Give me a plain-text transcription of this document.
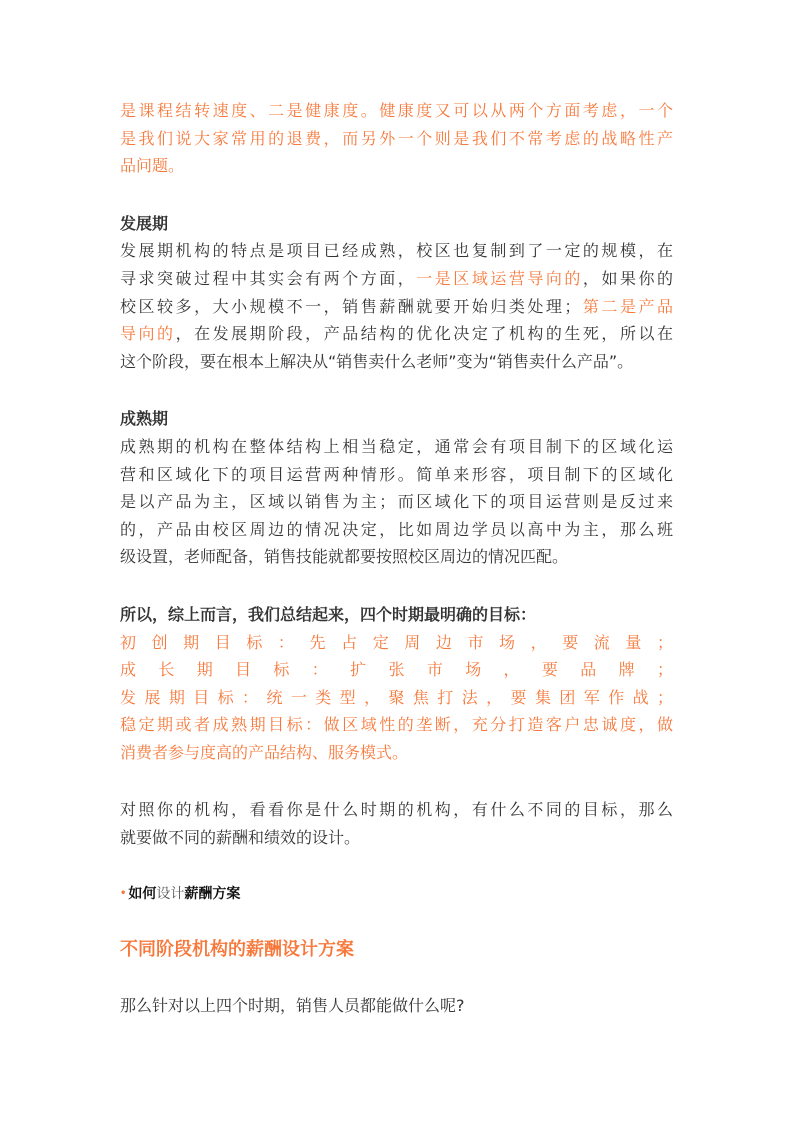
是课程结转速度、二是健康度。健康度又可以从两个方面考虑，一个
是我们说大家常用的退费，而另外一个则是我们不常考虑的战略性产
品问题。
发展期
发展期机构的特点是项目已经成熟，校区也复制到了一定的规模，在
寻求突破过程中其实会有两个方面，一是区域运营导向的，如果你的
校区较多，大小规模不一，销售薪酬就要开始归类处理；第二是产品
导向的，在发展期阶段，产品结构的优化决定了机构的生死，所以在
这个阶段，要在根本上解决从“销售卖什么老师”变为“销售卖什么产品”。
成熟期
成熟期的机构在整体结构上相当稳定，通常会有项目制下的区域化运
营和区域化下的项目运营两种情形。简单来形容，项目制下的区域化
是以产品为主，区域以销售为主；而区域化下的项目运营则是反过来
的，产品由校区周边的情况决定，比如周边学员以高中为主，那么班
级设置，老师配备，销售技能就都要按照校区周边的情况匹配。
所以，综上而言，我们总结起来，四个时期最明确的目标：
初创期目标：先占定周边市场，要流量；
成长期目标：扩张市场，要品牌；
发展期目标：统一类型，聚焦打法，要集团军作战；
稳定期或者成熟期目标：做区域性的垄断，充分打造客户忠诚度，做
消费者参与度高的产品结构、服务模式。
对照你的机构，看看你是什么时期的机构，有什么不同的目标，那么
就要做不同的薪酬和绩效的设计。
• 如何设计薪酬方案
不同阶段机构的薪酬设计方案
那么针对以上四个时期，销售人员都能做什么呢?
